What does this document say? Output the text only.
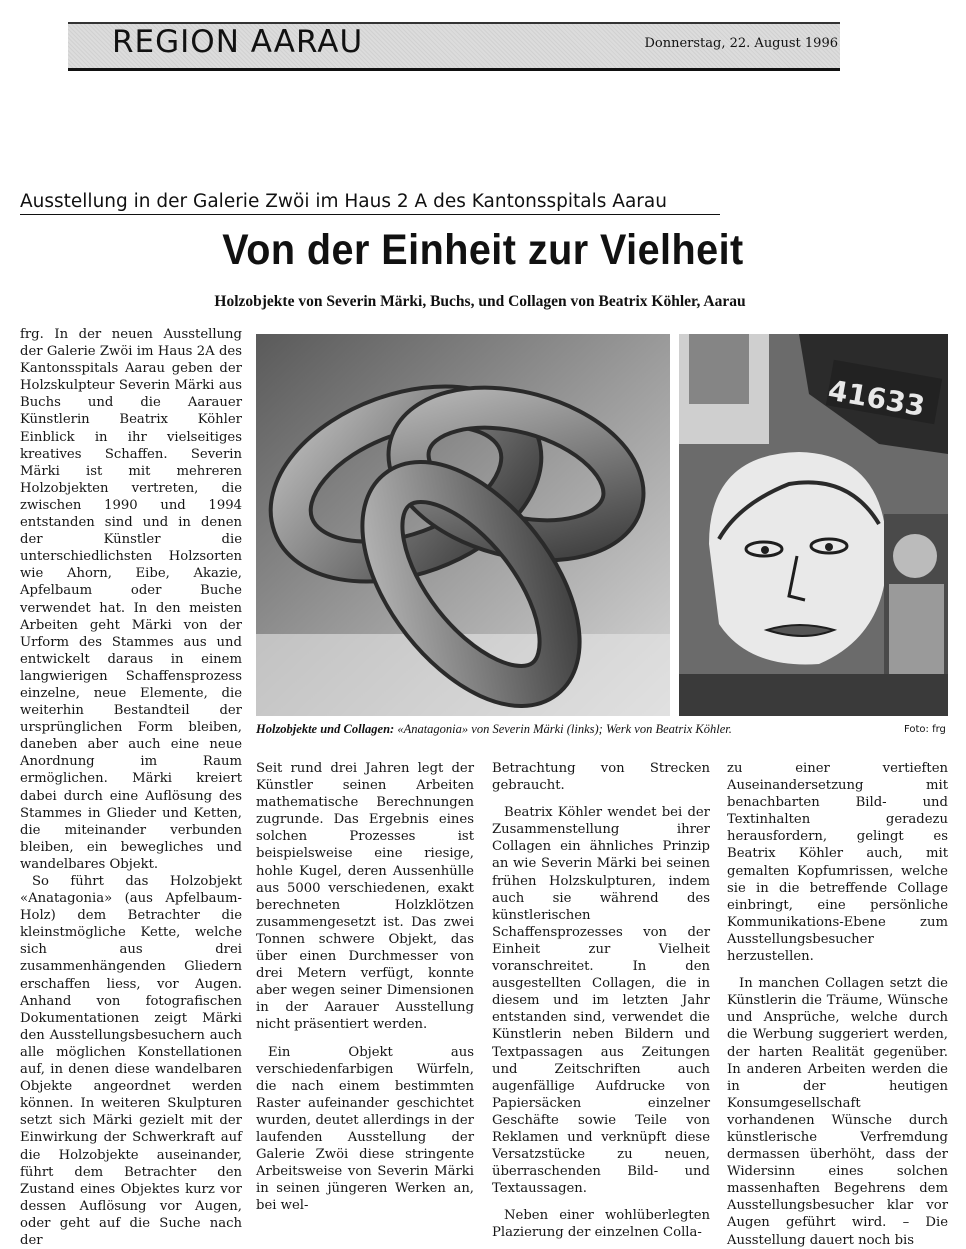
REGION AARAU	Donnerstag, 22. August 1996
Ausstellung in der Galerie Zwöi im Haus 2 A des Kantonsspitals Aarau
Von der Einheit zur Vielheit
Holzobjekte von Severin Märki, Buchs, und Collagen von Beatrix Köhler, Aarau
41633
Holzobjekte und Collagen: «Anatagonia» von Severin Märki (links); Werk von Beatrix Köhler.	Foto: frg

frg. In der neuen Ausstellung der Galerie Zwöi im Haus 2A des Kantonsspitals Aarau geben der Holzskulpteur Severin Märki aus Buchs und die Aarauer Künstlerin Beatrix Köhler Einblick in ihr vielseitiges kreatives Schaffen. Severin Märki ist mit mehreren Holzobjekten vertreten, die zwischen 1990 und 1994 entstanden sind und in denen der Künstler die unterschiedlichsten Holzsorten wie Ahorn, Eibe, Akazie, Apfelbaum oder Buche verwendet hat. In den meisten Arbeiten geht Märki von der Urform des Stammes aus und entwickelt daraus in einem langwierigen Schaffensprozess einzelne, neue Elemente, die weiterhin Bestandteil der ursprünglichen Form bleiben, daneben aber auch eine neue Anordnung im Raum ermöglichen. Märki kreiert dabei durch eine Auflösung des Stammes in Glieder und Ketten, die miteinander verbunden bleiben, ein bewegliches und wandelbares Objekt.

So führt das Holzobjekt «Anatagonia» (aus Apfelbaum-Holz) dem Betrachter die kleinstmögliche Kette, welche sich aus drei zusammenhängenden Gliedern erschaffen liess, vor Augen. Anhand von fotografischen Dokumentationen zeigt Märki den Ausstellungsbesuchern auch alle möglichen Konstellationen auf, in denen diese wandelbaren Objekte angeordnet werden können. In weiteren Skulpturen setzt sich Märki gezielt mit der Einwirkung der Schwerkraft auf die Holzobjekte auseinander, führt dem Betrachter den Zustand eines Objektes kurz vor dessen Auflösung vor Augen, oder geht auf die Suche nach der

Seit rund drei Jahren legt der Künstler seinen Arbeiten mathematische Berechnungen zugrunde. Das Ergebnis eines solchen Prozesses ist beispielsweise eine riesige, hohle Kugel, deren Aussenhülle aus 5000 verschiedenen, exakt berechneten Holzklötzen zusammengesetzt ist. Das zwei Tonnen schwere Objekt, das über einen Durchmesser von drei Metern verfügt, konnte aber wegen seiner Dimensionen in der Aarauer Ausstellung nicht präsentiert werden.

Ein Objekt aus verschiedenfarbigen Würfeln, die nach einem bestimmten Raster aufeinander geschichtet wurden, deutet allerdings in der laufenden Ausstellung der Galerie Zwöi diese stringente Arbeitsweise von Severin Märki in seinen jüngeren Werken an, bei wel-

Betrachtung von Strecken gebraucht.

Beatrix Köhler wendet bei der Zusammenstellung ihrer Collagen ein ähnliches Prinzip an wie Severin Märki bei seinen frühen Holzskulpturen, indem auch sie während des künstlerischen Schaffensprozesses von der Einheit zur Vielheit voranschreitet. In den ausgestellten Collagen, die in diesem und im letzten Jahr entstanden sind, verwendet die Künstlerin neben Bildern und Textpassagen aus Zeitungen und Zeitschriften auch augenfällige Aufdrucke von Papiersäcken einzelner Geschäfte sowie Teile von Reklamen und verknüpft diese Versatzstücke zu neuen, überraschenden Bild- und Textaussagen.

Neben einer wohlüberlegten Plazierung der einzelnen Colla-

zu einer vertieften Auseinandersetzung mit benachbarten Bild- und Textinhalten geradezu herausfordern, gelingt es Beatrix Köhler auch, mit gemalten Kopfumrissen, welche sie in die betreffende Collage einbringt, eine persönliche Kommunikations-Ebene zum Ausstellungsbesucher herzustellen.

In manchen Collagen setzt die Künstlerin die Träume, Wünsche und Ansprüche, welche durch die Werbung suggeriert werden, der harten Realität gegenüber. In anderen Arbeiten werden die in der heutigen Konsumgesellschaft vorhandenen Wünsche durch künstlerische Verfremdung dermassen überhöht, dass der Widersinn eines solchen massenhaften Begehrens dem Ausstellungsbesucher klar vor Augen geführt wird. – Die Ausstellung dauert noch bis
